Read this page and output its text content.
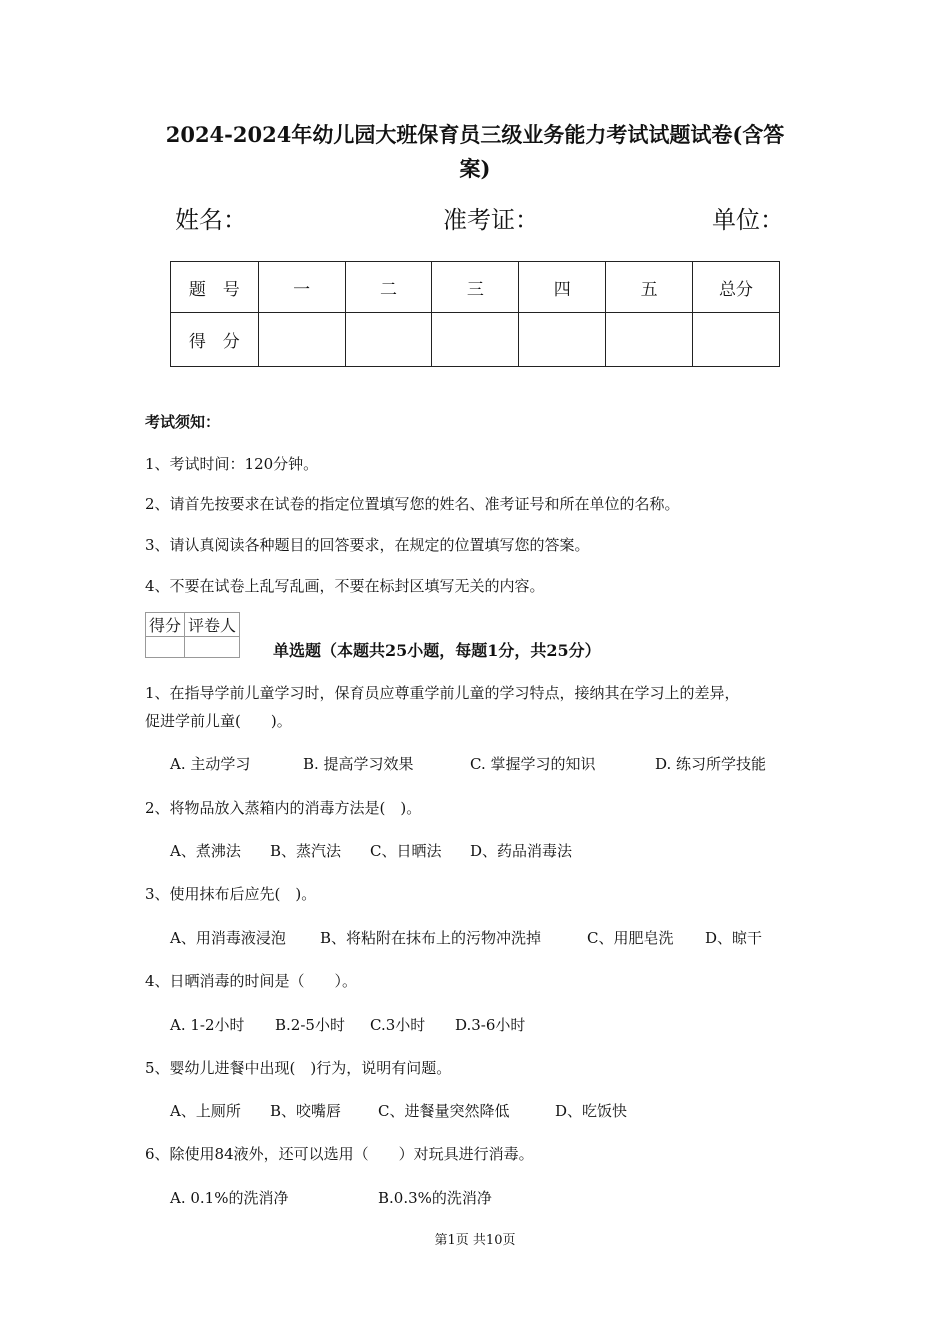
2024-2024年幼儿园大班保育员三级业务能力考试试题试卷(含答
案)
姓名：	准考证：	单位：
题　号	一	二	三	四	五	总分
得　分						
考试须知：
1、考试时间：120分钟。
2、请首先按要求在试卷的指定位置填写您的姓名、准考证号和所在单位的名称。
3、请认真阅读各种题目的回答要求，在规定的位置填写您的答案。
4、不要在试卷上乱写乱画，不要在标封区填写无关的内容。
得分	评卷人

单选题（本题共25小题，每题1分，共25分）
1、在指导学前儿童学习时，保育员应尊重学前儿童的学习特点，接纳其在学习上的差异，
促进学前儿童(　　)。
A. 主动学习	B. 提高学习效果	C. 掌握学习的知识	D. 练习所学技能
2、将物品放入蒸箱内的消毒方法是(　)。
A、煮沸法 B、蒸汽法 C、日晒法 D、药品消毒法
3、使用抹布后应先(　)。
A、用消毒液浸泡 B、将粘附在抹布上的污物冲洗掉	C、用肥皂洗 D、晾干
4、日晒消毒的时间是（　　）。
A. 1-2小时 B.2-5小时 C.3小时 D.3-6小时
5、婴幼儿进餐中出现(　)行为，说明有问题。
A、上厕所 B、咬嘴唇 C、进餐量突然降低	D、吃饭快
6、除使用84液外，还可以选用（　　）对玩具进行消毒。
A. 0.1%的洗消净	B.0.3%的洗消净
第1页 共10页
